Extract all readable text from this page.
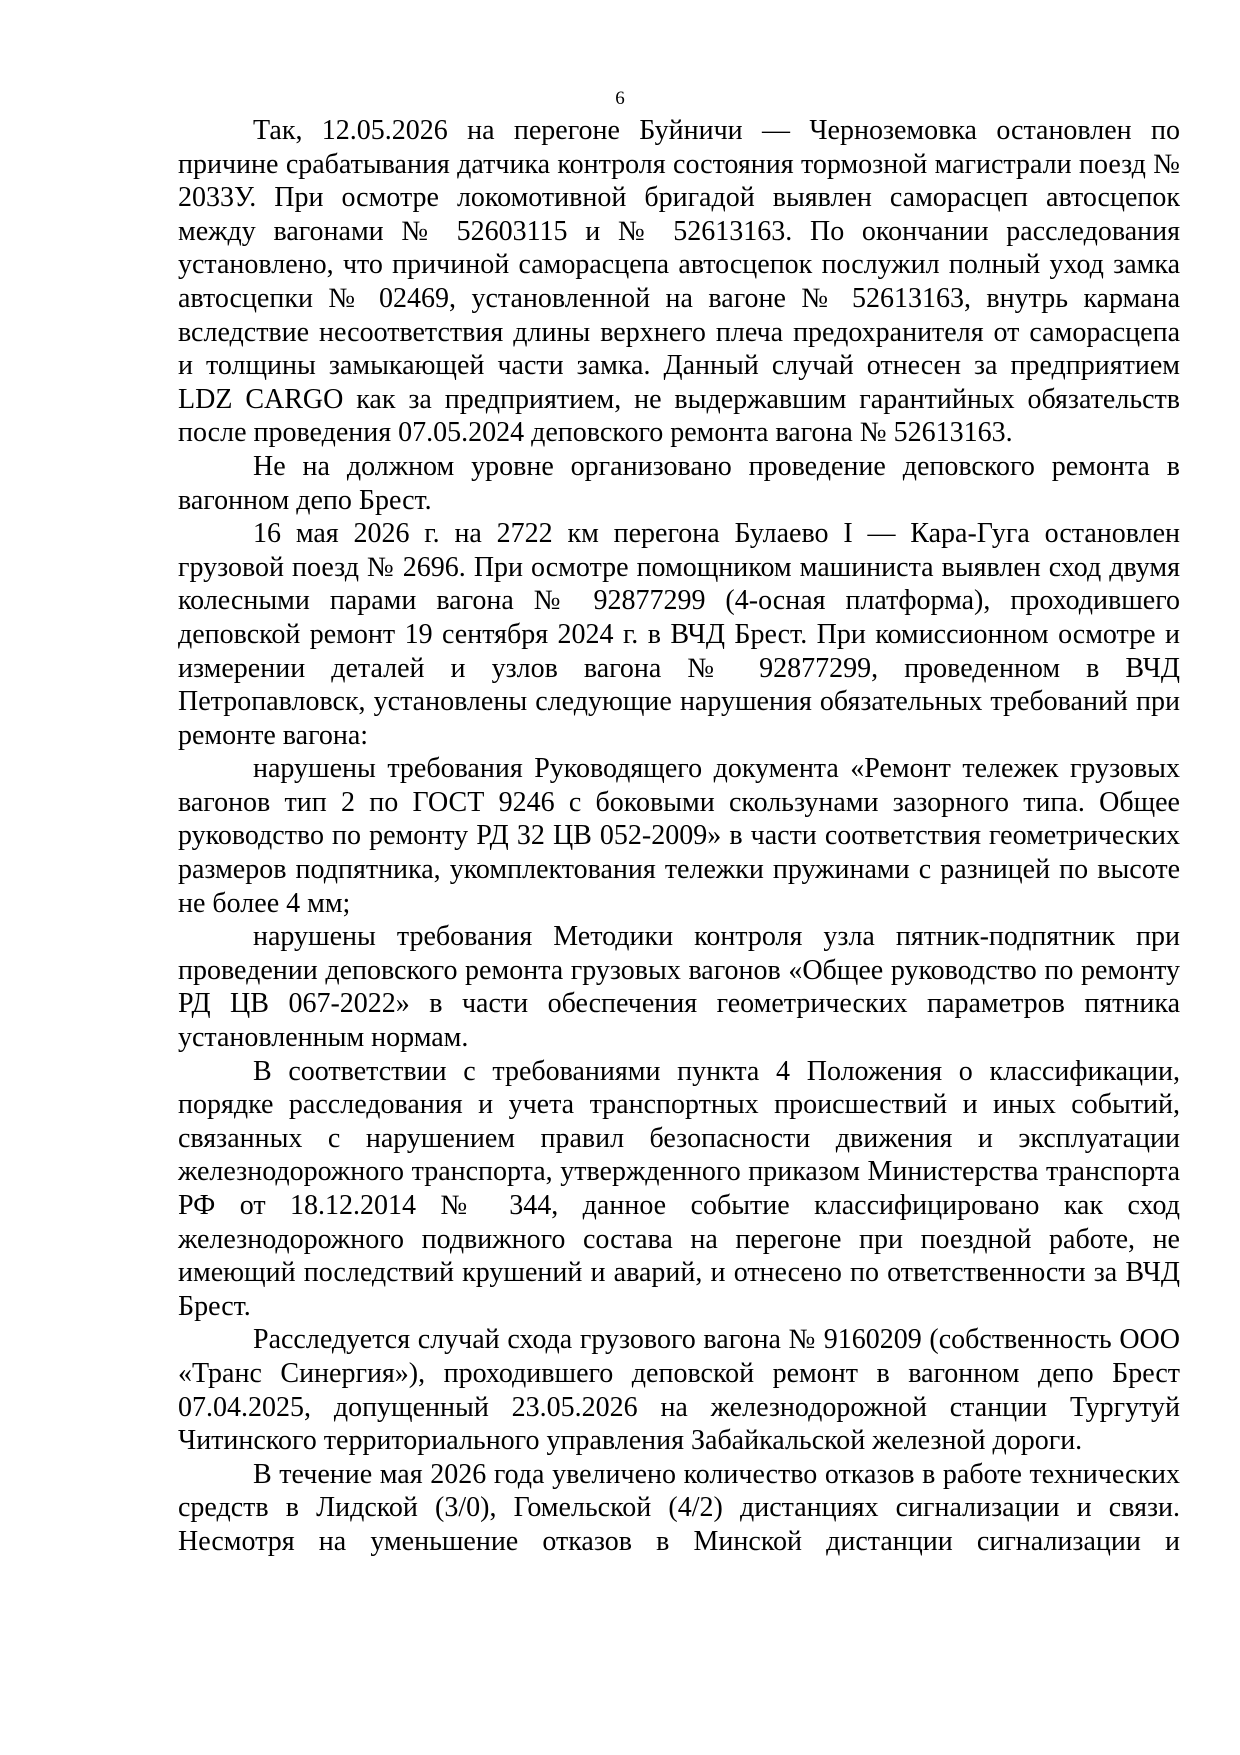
6

Так, 12.05.2026 на перегоне Буйничи — Черноземовка остановлен по причине срабатывания датчика контроля состояния тормозной магистрали поезд № 2033У. При осмотре локомотивной бригадой выявлен саморасцеп автосцепок между вагонами № 52603115 и № 52613163. По окончании расследования установлено, что причиной саморасцепа автосцепок послужил полный уход замка автосцепки № 02469, установленной на вагоне № 52613163, внутрь кармана вследствие несоответствия длины верхнего плеча предохранителя от саморасцепа и толщины замыкающей части замка. Данный случай отнесен за предприятием LDZ CARGO как за предприятием, не выдержавшим гарантийных обязательств после проведения 07.05.2024 деповского ремонта вагона № 52613163.

Не на должном уровне организовано проведение деповского ремонта в вагонном депо Брест.

16 мая 2026 г. на 2722 км перегона Булаево I — Кара-Гуга остановлен грузовой поезд № 2696. При осмотре помощником машиниста выявлен сход двумя колесными парами вагона № 92877299 (4-осная платформа), проходившего деповской ремонт 19 сентября 2024 г. в ВЧД Брест. При комиссионном осмотре и измерении деталей и узлов вагона № 92877299, проведенном в ВЧД Петропавловск, установлены следующие нарушения обязательных требований при ремонте вагона:

нарушены требования Руководящего документа «Ремонт тележек грузовых вагонов тип 2 по ГОСТ 9246 с боковыми скользунами зазорного типа. Общее руководство по ремонту РД 32 ЦВ 052-2009» в части соответствия геометрических размеров подпятника, укомплектования тележки пружинами с разницей по высоте не более 4 мм;

нарушены требования Методики контроля узла пятник-подпятник при проведении деповского ремонта грузовых вагонов «Общее руководство по ремонту РД ЦВ 067-2022» в части обеспечения геометрических параметров пятника установленным нормам.

В соответствии с требованиями пункта 4 Положения о классификации, порядке расследования и учета транспортных происшествий и иных событий, связанных с нарушением правил безопасности движения и эксплуатации железнодорожного транспорта, утвержденного приказом Министерства транспорта РФ от 18.12.2014 № 344, данное событие классифицировано как сход железнодорожного подвижного состава на перегоне при поездной работе, не имеющий последствий крушений и аварий, и отнесено по ответственности за ВЧД Брест.

Расследуется случай схода грузового вагона № 9160209 (собственность ООО «Транс Синергия»), проходившего деповской ремонт в вагонном депо Брест 07.04.2025, допущенный 23.05.2026 на железнодорожной станции Тургутуй Читинского территориального управления Забайкальской железной дороги.

В течение мая 2026 года увеличено количество отказов в работе технических средств в Лидской (3/0), Гомельской (4/2) дистанциях сигнализации и связи. Несмотря на уменьшение отказов в Минской дистанции сигнализации и
